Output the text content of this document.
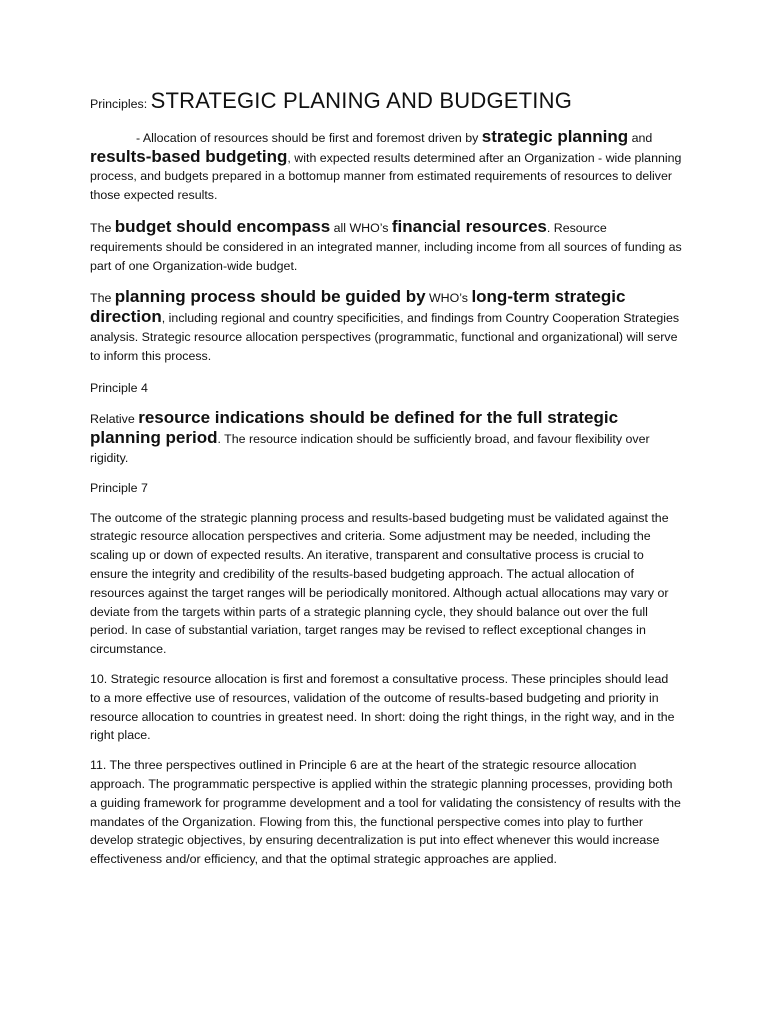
Principles: STRATEGIC PLANING AND BUDGETING

- Allocation of resources should be first and foremost driven by strategic planning and
results-based budgeting, with expected results determined after an Organization - wide planning process, and budgets prepared in a bottomup manner from estimated requirements of resources to deliver those expected results.

The budget should encompass all WHO’s financial resources. Resource requirements should be considered in an integrated manner, including income from all sources of funding as part of one Organization-wide budget.

The planning process should be guided by WHO’s long-term strategic direction, including regional and country specificities, and findings from Country Cooperation Strategies analysis. Strategic resource allocation perspectives (programmatic, functional and organizational) will serve to inform this process.

Principle 4

Relative resource indications should be defined for the full strategic planning period. The resource indication should be sufficiently broad, and favour flexibility over rigidity.

Principle 7

The outcome of the strategic planning process and results-based budgeting must be validated against the strategic resource allocation perspectives and criteria. Some adjustment may be needed, including the scaling up or down of expected results. An iterative, transparent and consultative process is crucial to ensure the integrity and credibility of the results-based budgeting approach. The actual allocation of resources against the target ranges will be periodically monitored. Although actual allocations may vary or deviate from the targets within parts of a strategic planning cycle, they should balance out over the full period. In case of substantial variation, target ranges may be revised to reflect exceptional changes in circumstance.

10. Strategic resource allocation is first and foremost a consultative process. These principles should lead to a more effective use of resources, validation of the outcome of results-based budgeting and priority in resource allocation to countries in greatest need. In short: doing the right things, in the right way, and in the right place.

11. The three perspectives outlined in Principle 6 are at the heart of the strategic resource allocation approach. The programmatic perspective is applied within the strategic planning processes, providing both a guiding framework for programme development and a tool for validating the consistency of results with the mandates of the Organization. Flowing from this, the functional perspective comes into play to further develop strategic objectives, by ensuring decentralization is put into effect whenever this would increase effectiveness and/or efficiency, and that the optimal strategic approaches are applied.
